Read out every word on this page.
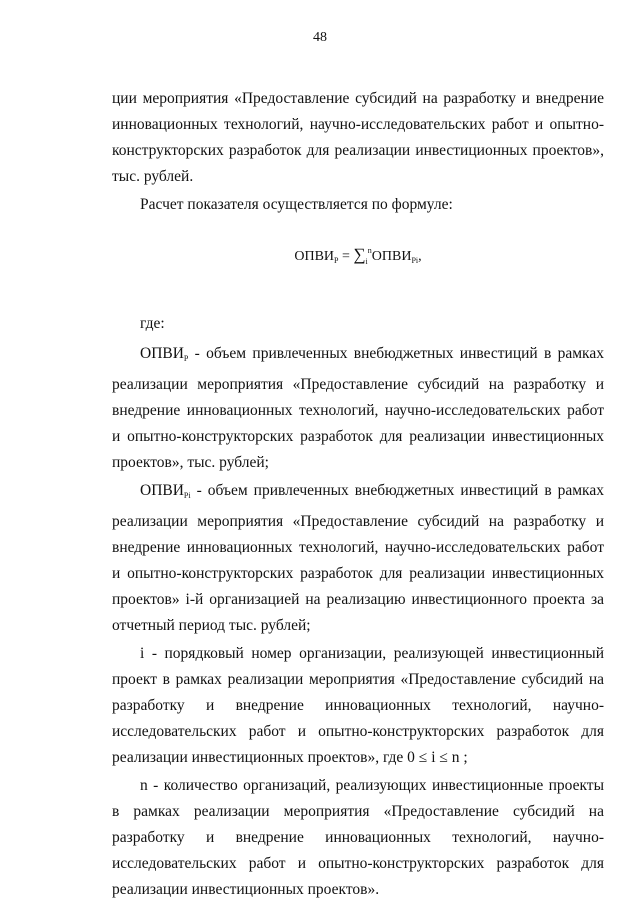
48

ции мероприятия «Предоставление субсидий на разработку и внедрение инновационных технологий, научно-исследовательских работ и опытно-конструкторских разработок для реализации инвестиционных проектов», тыс. рублей.

Расчет показателя осуществляется по формуле:

$ОПВИ_Р$ = $\sum_i^nОПВИ_{Рi}$,

где:

$ОПВИ_Р$ - объем привлеченных внебюджетных инвестиций в рамках реализации мероприятия «Предоставление субсидий на разработку и внедрение инновационных технологий, научно-исследовательских работ и опытно-конструкторских разработок для реализации инвестиционных проектов», тыс. рублей;

$ОПВИ_{Рi}$ - объем привлеченных внебюджетных инвестиций в рамках реализации мероприятия «Предоставление субсидий на разработку и внедрение инновационных технологий, научно-исследовательских работ и опытно-конструкторских разработок для реализации инвестиционных проектов» i-й организацией на реализацию инвестиционного проекта за отчетный период тыс. рублей;

i - порядковый номер организации, реализующей инвестиционный проект в рамках реализации мероприятия «Предоставление субсидий на разработку и внедрение инновационных технологий, научно-исследовательских работ и опытно-конструкторских разработок для реализации инвестиционных проектов», где 0 ≤ i ≤ n ;

n - количество организаций, реализующих инвестиционные проекты в рамках реализации мероприятия «Предоставление субсидий на разработку и внедрение инновационных технологий, научно-исследовательских работ и опытно-конструкторских разработок для реализации инвестиционных проектов».
